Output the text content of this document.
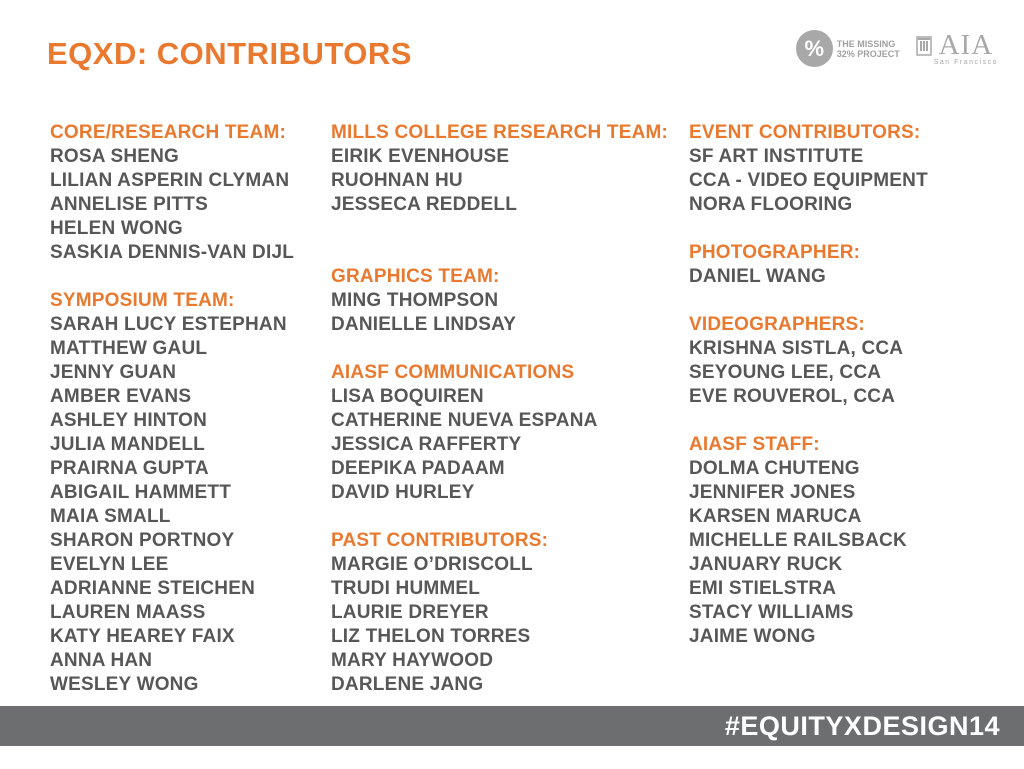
EQXD: CONTRIBUTORS	% THE MISSING
32% PROJECT AIA
San Francisco

CORE/RESEARCH TEAM:

ROSA SHENG

LILIAN ASPERIN CLYMAN

ANNELISE PITTS

HELEN WONG

SASKIA DENNIS-VAN DIJL

SYMPOSIUM TEAM:

SARAH LUCY ESTEPHAN

MATTHEW GAUL

JENNY GUAN

AMBER EVANS

ASHLEY HINTON

JULIA MANDELL

PRAIRNA GUPTA

ABIGAIL HAMMETT

MAIA SMALL

SHARON PORTNOY

EVELYN LEE

ADRIANNE STEICHEN

LAUREN MAASS

KATY HEAREY FAIX

ANNA HAN

WESLEY WONG

MILLS COLLEGE RESEARCH TEAM:

EIRIK EVENHOUSE

RUOHNAN HU

JESSECA REDDELL

GRAPHICS TEAM:

MING THOMPSON

DANIELLE LINDSAY

AIASF COMMUNICATIONS

LISA BOQUIREN

CATHERINE NUEVA ESPANA

JESSICA RAFFERTY

DEEPIKA PADAAM

DAVID HURLEY

PAST CONTRIBUTORS:

MARGIE O’DRISCOLL

TRUDI HUMMEL

LAURIE DREYER

LIZ THELON TORRES

MARY HAYWOOD

DARLENE JANG

EVENT CONTRIBUTORS:

SF ART INSTITUTE

CCA - VIDEO EQUIPMENT

NORA FLOORING

PHOTOGRAPHER:

DANIEL WANG

VIDEOGRAPHERS:

KRISHNA SISTLA, CCA

SEYOUNG LEE, CCA

EVE ROUVEROL, CCA

AIASF STAFF:

DOLMA CHUTENG

JENNIFER JONES

KARSEN MARUCA

MICHELLE RAILSBACK

JANUARY RUCK

EMI STIELSTRA

STACY WILLIAMS

JAIME WONG

#EQUITYXDESIGN14
